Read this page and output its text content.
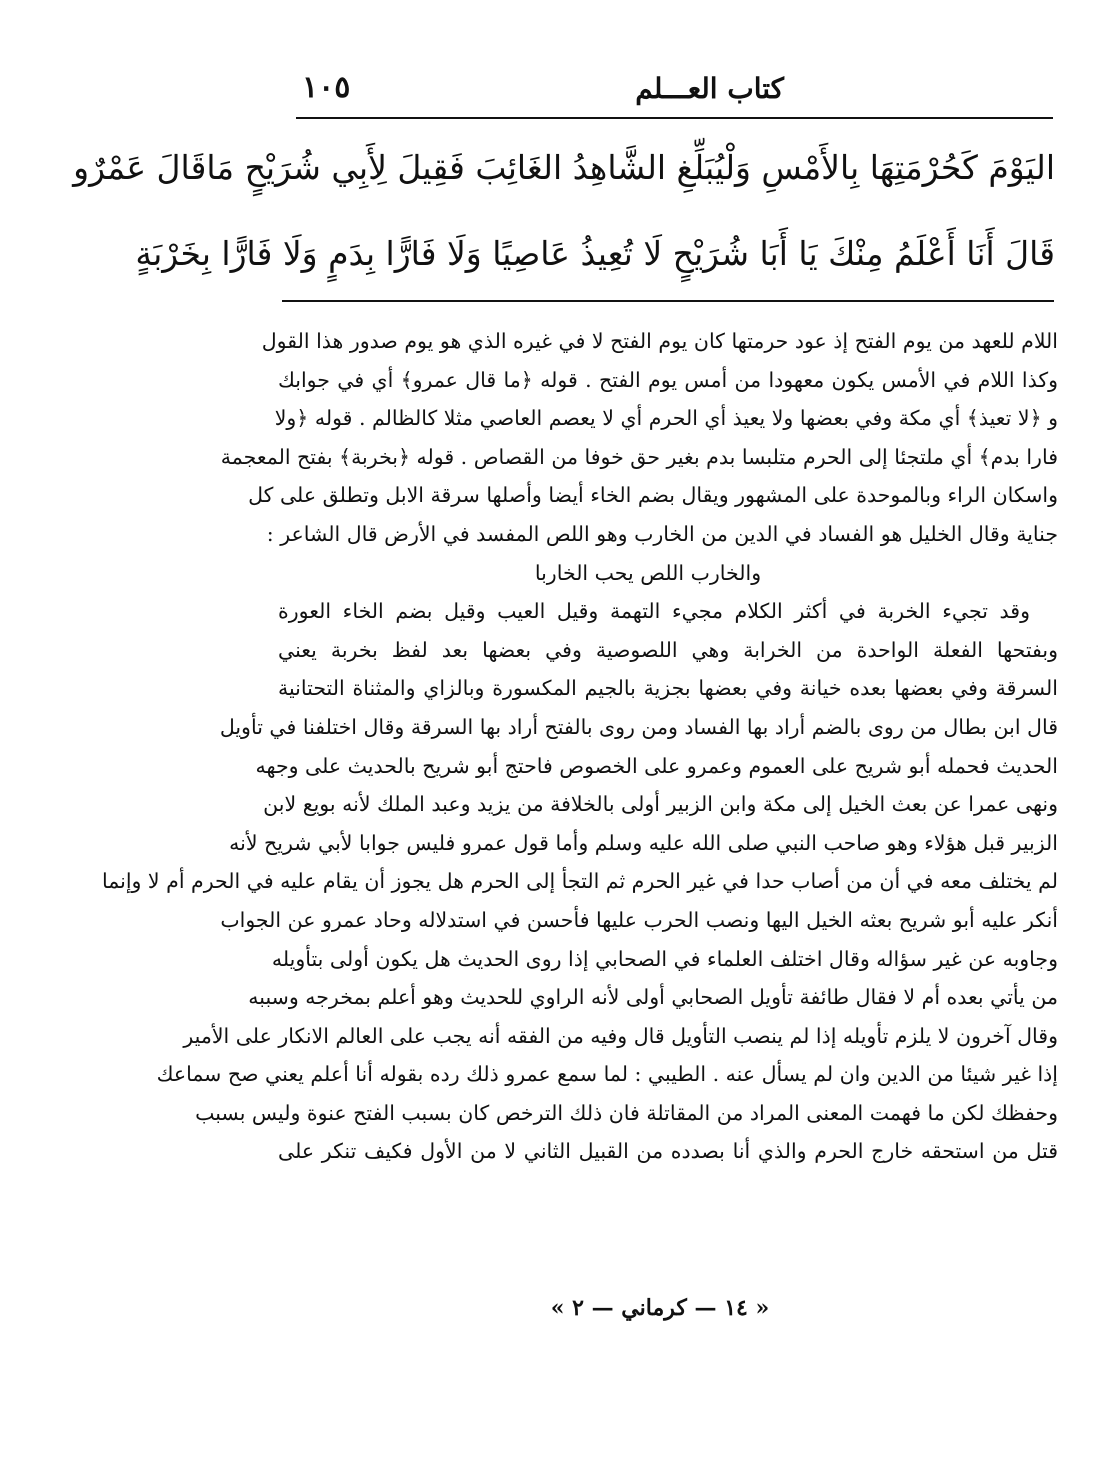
١٠٥	كتاب العـــلم
اليَوْمَ كَحُرْمَتِهَا بِالأَمْسِ وَلْيُبَلِّغِ الشَّاهِدُ الغَائِبَ فَقِيلَ لِأَبِي شُرَيْحٍ مَاقَالَ عَمْرٌو
قَالَ أَنَا أَعْلَمُ مِنْكَ يَا أَبَا شُرَيْحٍ لَا تُعِيذُ عَاصِيًا وَلَا فَارًّا بِدَمٍ وَلَا فَارًّا بِخَرْبَةٍ
اللام للعهد من يوم الفتح إذ عود حرمتها كان يوم الفتح لا في غيره الذي هو يوم صدور هذا القول
وكذا اللام في الأمس يكون معهودا من أمس يوم الفتح . قوله ﴿ما قال عمرو﴾ أي في جوابك
و ﴿لا تعيذ﴾ أي مكة وفي بعضها ولا يعيذ أي الحرم أي لا يعصم العاصي مثلا كالظالم . قوله ﴿ولا
فارا بدم﴾ أي ملتجئا إلى الحرم متلبسا بدم بغير حق خوفا من القصاص . قوله ﴿بخربة﴾ بفتح المعجمة
واسكان الراء وبالموحدة على المشهور ويقال بضم الخاء أيضا وأصلها سرقة الابل وتطلق على كل
جناية وقال الخليل هو الفساد في الدين من الخارب وهو اللص المفسد في الأرض قال الشاعر :
والخارب اللص يحب الخاربا
وقد تجيء الخربة في أكثر الكلام مجيء التهمة وقيل العيب وقيل بضم الخاء العورة
وبفتحها الفعلة الواحدة من الخرابة وهي اللصوصية وفي بعضها بعد لفظ بخربة يعني
السرقة وفي بعضها بعده خيانة وفي بعضها بجزية بالجيم المكسورة وبالزاي والمثناة التحتانية
قال ابن بطال من روى بالضم أراد بها الفساد ومن روى بالفتح أراد بها السرقة وقال اختلفنا في تأويل
الحديث فحمله أبو شريح على العموم وعمرو على الخصوص فاحتج أبو شريح بالحديث على وجهه
ونهى عمرا عن بعث الخيل إلى مكة وابن الزبير أولى بالخلافة من يزيد وعبد الملك لأنه بويع لابن
الزبير قبل هؤلاء وهو صاحب النبي صلى الله عليه وسلم وأما قول عمرو فليس جوابا لأبي شريح لأنه
لم يختلف معه في أن من أصاب حدا في غير الحرم ثم التجأ إلى الحرم هل يجوز أن يقام عليه في الحرم أم لا وإنما
أنكر عليه أبو شريح بعثه الخيل اليها ونصب الحرب عليها فأحسن في استدلاله وحاد عمرو عن الجواب
وجاوبه عن غير سؤاله وقال اختلف العلماء في الصحابي إذا روى الحديث هل يكون أولى بتأويله
من يأتي بعده أم لا فقال طائفة تأويل الصحابي أولى لأنه الراوي للحديث وهو أعلم بمخرجه وسببه
وقال آخرون لا يلزم تأويله إذا لم ينصب التأويل قال وفيه من الفقه أنه يجب على العالم الانكار على الأمير
إذا غير شيئا من الدين وان لم يسأل عنه . الطيبي : لما سمع عمرو ذلك رده بقوله أنا أعلم يعني صح سماعك
وحفظك لكن ما فهمت المعنى المراد من المقاتلة فان ذلك الترخص كان بسبب الفتح عنوة وليس بسبب
قتل من استحقه خارج الحرم والذي أنا بصدده من القبيل الثاني لا من الأول فكيف تنكر على
« ١٤ — كرماني — ٢ »
